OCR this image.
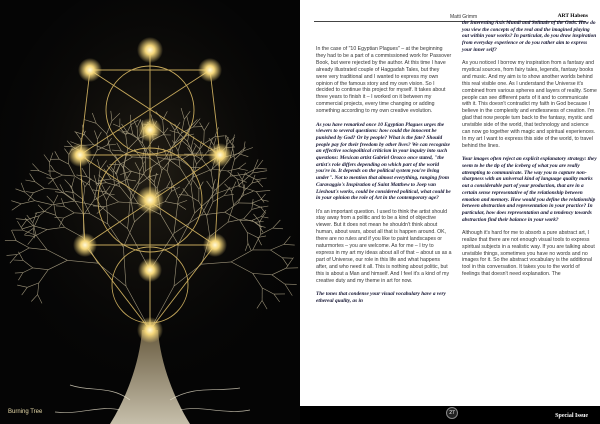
Burning Tree
Matti Grimm	ART Habens

In the case of "10 Egyptian Plagues" – at the beginning they had to be a part of a commissioned work for Passover Book, but were rejected by the author. At this time I have already illustrated couple of Haggadah Tales, but they were very traditional and I wanted to express my own opinion of the famous story and my own vision. So I decided to continue this project for myself. It takes about three years to finish it – I worked on it between my commercial projects, every time changing or adding something according to my own creative evolution.

As you have remarked once 10 Egyptian Plagues urges the viewers to several questions: how could the innocent be punished by God? Or by people? What is the fate? Should people pay for their freedom by other lives? We can recognize an effective sociopolitical criticism in your inquiry into such questions: Mexican artist Gabriel Orozco once stated, "the artist's role differs depending on which part of the world you're in. It depends on the political system you're living under". Not to mention that almost everything, ranging from Caravaggio's Inspiration of Saint Matthew to Joep van Lieshout's works, could be considered political, what could be in your opinion the role of Art in the contemporary age?

It's an important question. I used to think the artist should stay away from a politic and to be a kind of objective viewer. But it does not mean he shouldn't think about human, about wars, about all that is happen around. OK, there are no rules and if you like to paint landscapes or naturmortes – you are welcome. As for me – I try to express in my art my ideas about all of that – about us as a part of Universe, our role in this life and what happens after, and who need it all. This is nothing about politic, but this is about a Man and himself. And I feel it's a kind of my creative duty and my theme in art for now.

The tones that condense your visual vocabulary have a very ethereal quality, as in

the Interesting Axis Mundi and Solitude of the Gods. How do you view the concepts of the real and the imagined playing out within your works? In particular, do you draw inspiration from everyday experience or do you rather aim to express your inner self?

As you noticed I borrow my inspiration from a fantasy and mystical sources, from fairy tales, legends, fantasy books and music. And my aim is to show another worlds behind this real visible one. As I understand the Universe it's combined from various spheres and layers of reality. Some people can see different parts of it and to communicate with it. This doesn't contradict my faith in God because I believe in the complexity and endlessness of creation. I'm glad that now people turn back to the fantasy, mystic and unvisible side of the world, that technology and science can now go together with magic and spiritual experiences. In my art I want to express this side of the world, to travel behind the lines.

Your images often reject an explicit explanatory strategy: they seem to be the tip of the iceberg of what you are really attempting to communicate. The way you to capture non-sharpness with an universal kind of language quality marks out a considerable part of your production, that are in a certain sense representative of the relationship between emotion and memory. How would you define the relationship between abstraction and representation in your practice? In particular, how does representation and a tendency towards abstraction find their balance in your work?

Although it's hard for me to absorb a pure abstract art, I realize that there are not enough visual tools to express spiritual subjects in a realistic way. If you are talking about unvisible things, sometimes you have no words and no images for it. So the abstract vocabulary is the additional tool in this conversation. It takes you to the world of feelings that doesn't need explanation. The

27	Special Issue
